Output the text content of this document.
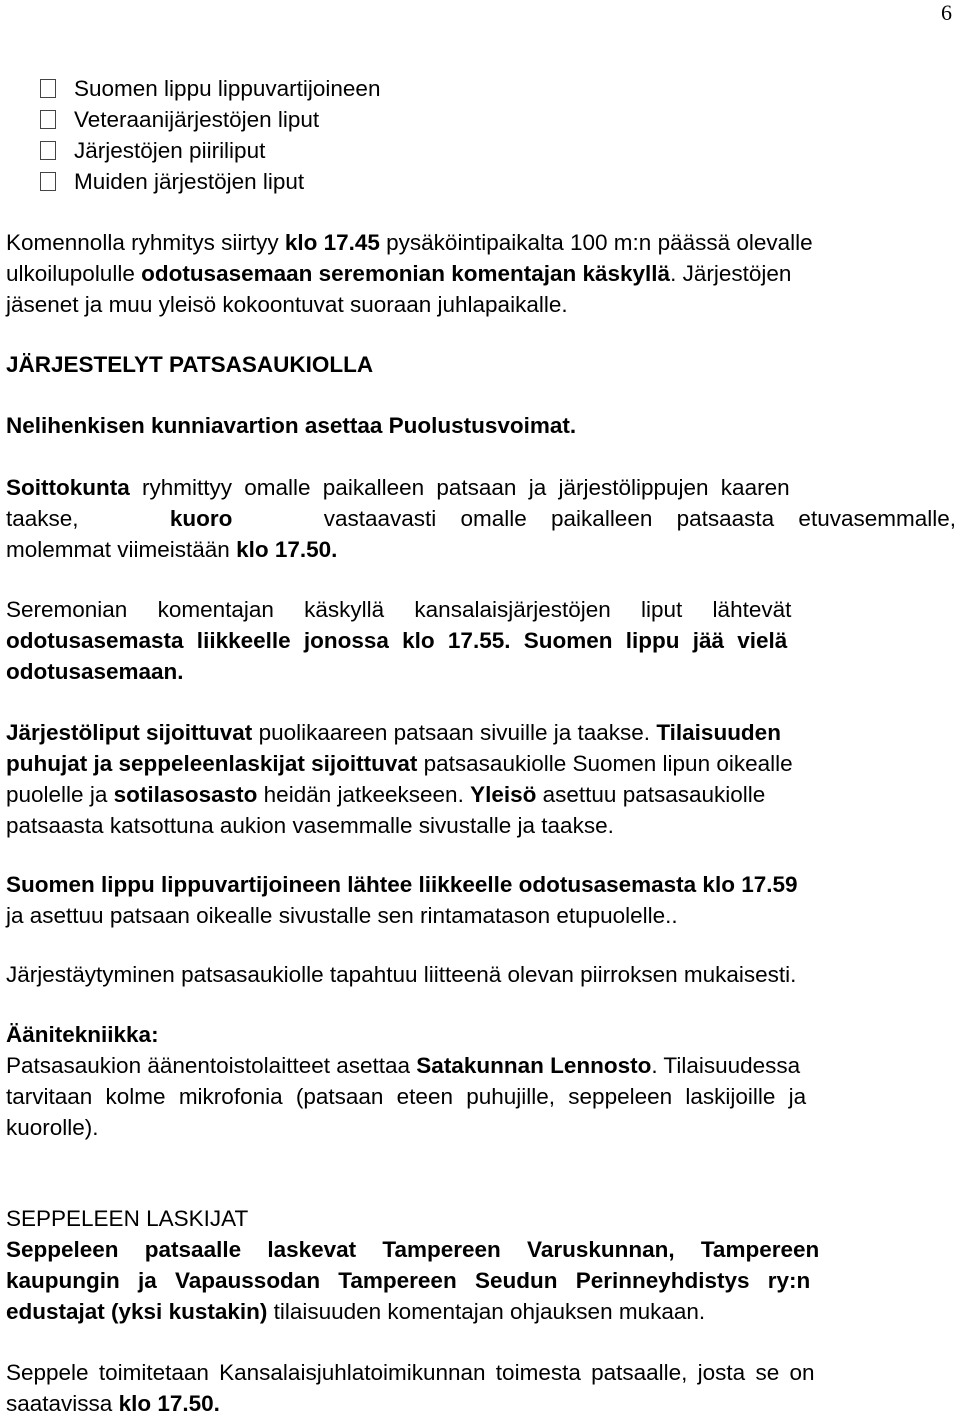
6
Suomen lippu lippuvartijoineen
Veteraanijärjestöjen liput
Järjestöjen piiriliput
Muiden järjestöjen liput
Komennolla ryhmitys siirtyy klo 17.45 pysäköintipaikalta 100 m:n päässä olevalle
ulkoilupolulle odotusasemaan seremonian komentajan käskyllä. Järjestöjen
jäsenet ja muu yleisö kokoontuvat suoraan juhlapaikalle.
JÄRJESTELYT PATSASAUKIOLLA
Nelihenkisen kunniavartion asettaa Puolustusvoimat.
Soittokunta ryhmittyy omalle paikalleen patsaan ja järjestölippujen kaaren
taakse,	kuoro	vastaavasti omalle paikalleen patsaasta etuvasemmalle,
molemmat viimeistään klo 17.50.
Seremonian komentajan käskyllä kansalaisjärjestöjen liput lähtevät
odotusasemasta liikkeelle jonossa klo 17.55. Suomen lippu jää vielä
odotusasemaan.
Järjestöliput sijoittuvat puolikaareen patsaan sivuille ja taakse. Tilaisuuden
puhujat ja seppeleenlaskijat sijoittuvat patsasaukiolle Suomen lipun oikealle
puolelle ja sotilasosasto heidän jatkeekseen. Yleisö asettuu patsasaukiolle
patsaasta katsottuna aukion vasemmalle sivustalle ja taakse.
Suomen lippu lippuvartijoineen lähtee liikkeelle odotusasemasta klo 17.59
ja asettuu patsaan oikealle sivustalle sen rintamatason etupuolelle..
Järjestäytyminen patsasaukiolle tapahtuu liitteenä olevan piirroksen mukaisesti.
Äänitekniikka:
Patsasaukion äänentoistolaitteet asettaa Satakunnan Lennosto. Tilaisuudessa
tarvitaan kolme mikrofonia (patsaan eteen puhujille, seppeleen laskijoille ja
kuorolle).
SEPPELEEN LASKIJAT
Seppeleen patsaalle laskevat Tampereen Varuskunnan, Tampereen
kaupungin ja Vapaussodan Tampereen Seudun Perinneyhdistys ry:n
edustajat (yksi kustakin) tilaisuuden komentajan ohjauksen mukaan.
Seppele toimitetaan Kansalaisjuhlatoimikunnan toimesta patsaalle, josta se on
saatavissa klo 17.50.
